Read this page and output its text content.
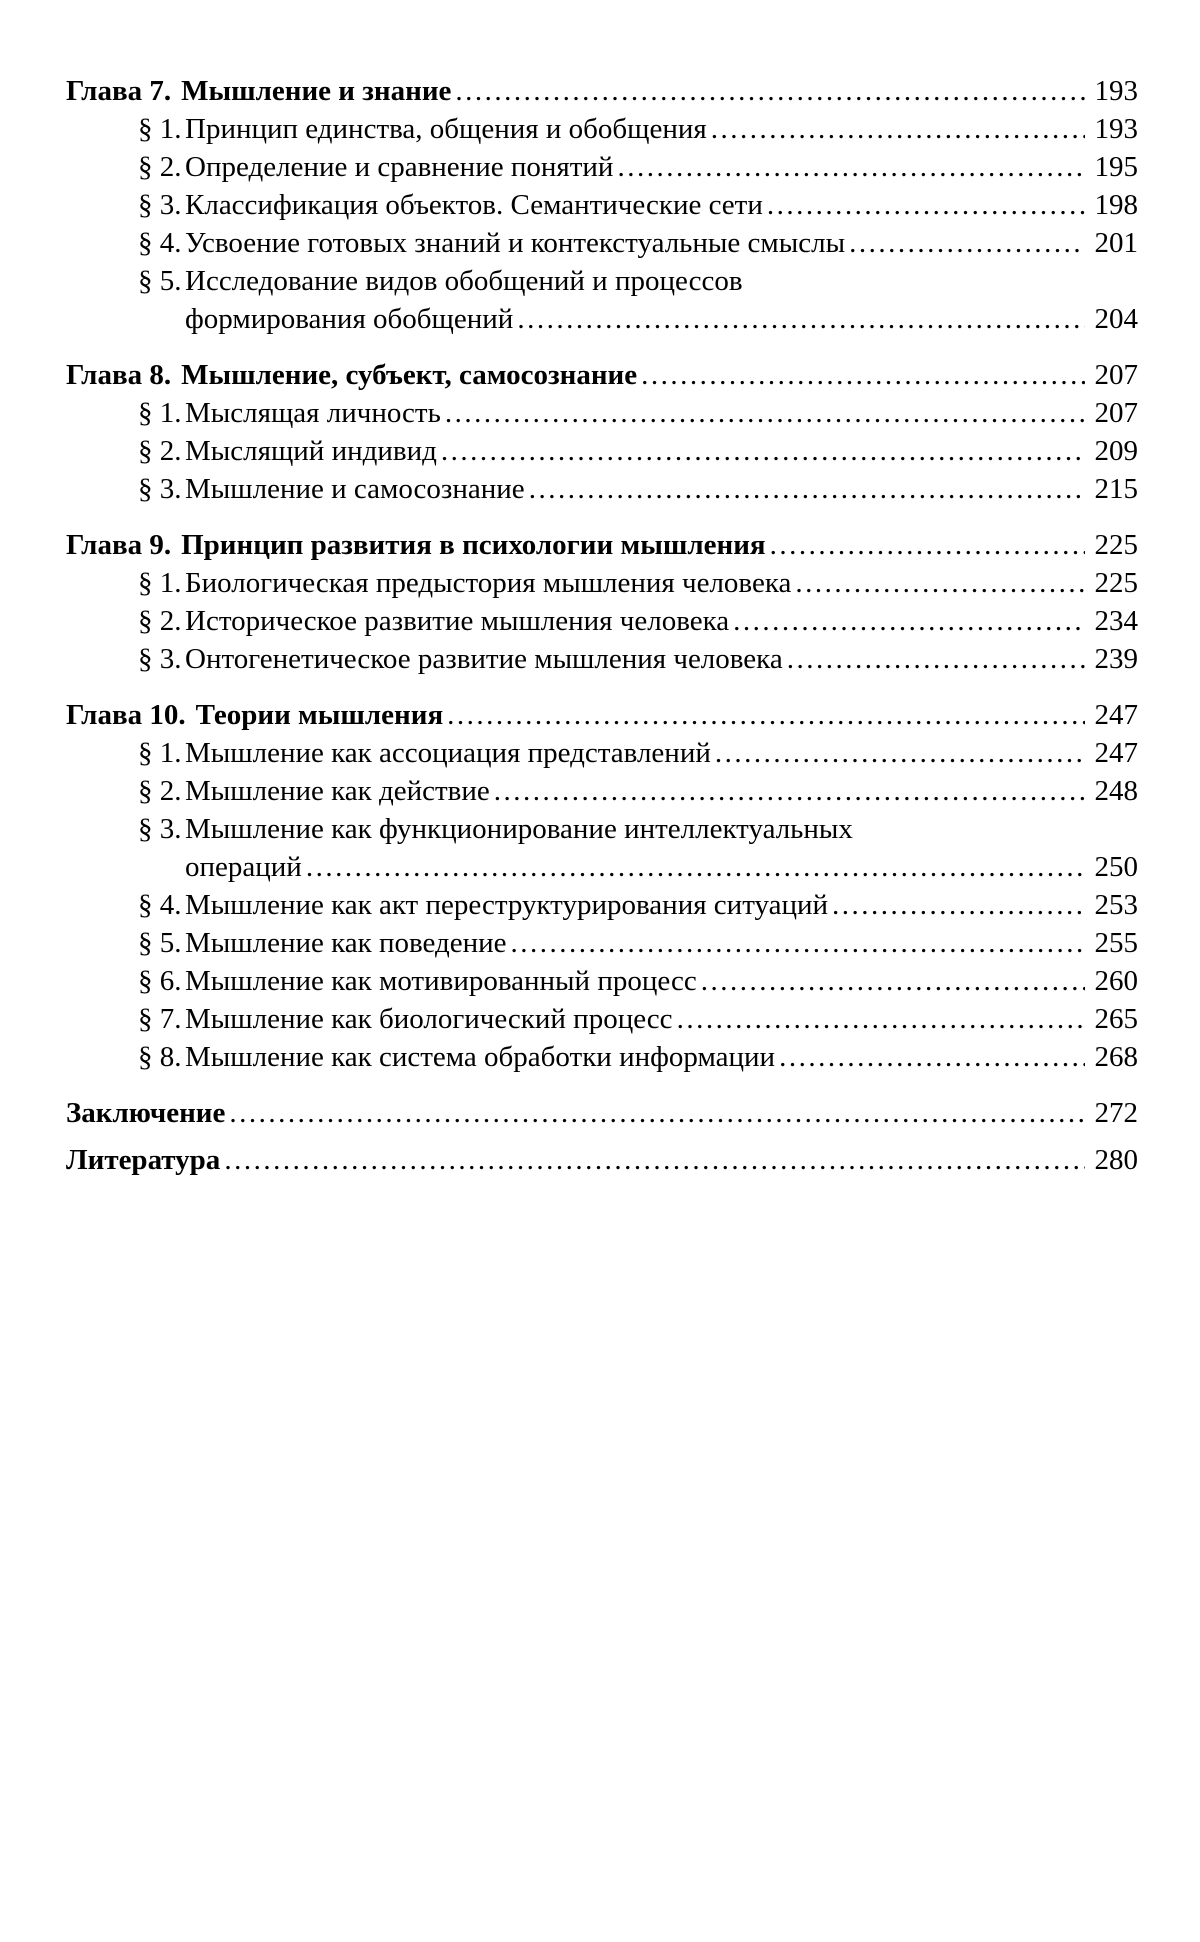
Глава 7. Мышление и знание .....	193
§ 1. Принцип единства, общения и обобщения .....	193
§ 2. Определение и сравнение понятий .....	195
§ 3. Классификация объектов. Семантические сети .....	198
§ 4. Усвоение готовых знаний и контекстуальные смыслы .....	201
§ 5. Исследование видов обобщений и процессов
формирования обобщений .....	204
Глава 8. Мышление, субъект, самосознание .....	207
§ 1. Мыслящая личность .....	207
§ 2. Мыслящий индивид .....	209
§ 3. Мышление и самосознание .....	215
Глава 9. Принцип развития в психологии мышления .....	225
§ 1. Биологическая предыстория мышления человека .....	225
§ 2. Историческое развитие мышления человека .....	234
§ 3. Онтогенетическое развитие мышления человека .....	239
Глава 10. Теории мышления .....	247
§ 1. Мышление как ассоциация представлений .....	247
§ 2. Мышление как действие .....	248
§ 3. Мышление как функционирование интеллектуальных
операций .....	250
§ 4. Мышление как акт переструктурирования ситуаций .....	253
§ 5. Мышление как поведение .....	255
§ 6. Мышление как мотивированный процесс .....	260
§ 7. Мышление как биологический процесс .....	265
§ 8. Мышление как система обработки информации .....	268
Заключение .....	272
Литература .....	280
